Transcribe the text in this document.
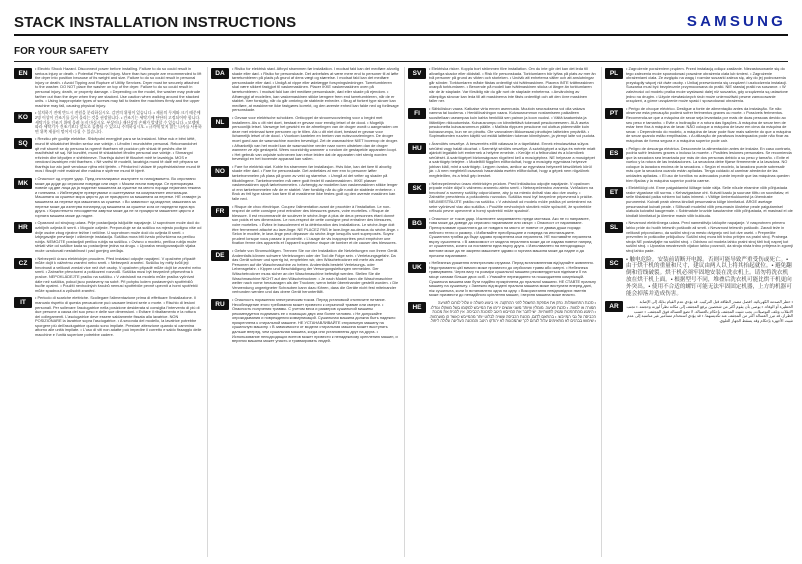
STACK INSTALLATION INSTRUCTIONS	SAMSUNG
FOR YOUR SAFETY
EN
• Electric Shock Hazard. Disconnect power before installing. Failure to do so could result in serious injury or death. • Potential Personal Injury. More than two people are recommended to lift the dryer into position because of its weight and size. Failure to do so could result in personal injury or death. • Avoid Tipping and Rupture of Utility Services. Dryer must be securely attached to the washer. DO NOT place the washer on top of the dryer. Failure to do so could result in personal injury, death, or property damage. • Depending on the model, the washer may protrude farther out than the dryer when they are stacked. Use caution when walking around the stacked units. • Using inappropriate types of screws may fail to fasten the machines firmly and the upper machine may fall, causing physical injury.
KO
• 설치하기 전에 반드시 전원을 분리하십시오. 감전의 위험이 있습니다. • 제품의 무게와 크기 때문에 2명 이상이 건조기를 들어 올리는 것을 권장합니다. • 건조기는 세탁기에 단단히 고정되어야 합니다. 세탁기를 건조기 위에 올려 놓지 마십시오. 부상이나 재산상의 손해가 발생할 수 있습니다. • 모델에 따라 세탁기가 건조기보다 앞으로 돌출될 수 있으니 주의하십시오. • 규격에 맞지 않는 나사를 사용하면 위쪽 제품이 떨어져 다칠 수 있습니다.
SQ
• Rreziku për goditje elektrike. Shkëputni energjinë para se ta instaloni. Nëse nuk e bëni këtë, mund të shkaktohet lëndim serioz ose vdekje. • Lëndim i mundshëm personal. Rekomandohet që më shumë se dy persona ta ngrenë tharësen në pozicion për shkak të peshës dhe të madhësisë së saj. Në kundërt, mund të shkaktohet lëndim personal ose vdekje. • Shmangni rrëzimin dhe këputjen e shërbimeve. Tharësja duhet të fiksohet mirë te lavatriçja. MOS e vendosni lavatriçen mbi tharësen. • Në varësi të modelit, lavatriçja mund të dalë më përpara se tharësja kur ato janë vendosur njëra mbi tjetrën. • Përdorimi i vidave të papërshtatshme mund të mos i fiksojë mirë makinat dhe makina e sipërme mund të bjerë.
MK
• Опасност од струен удар. Пред инсталирање исклучете го напојувањето. Во спротивно може да дојде до сериозни повреди или смрт. • Можни лични повреди. Се препорачува повеќе од две лица да ја подигнат машината за сушење на место поради нејзината тежина и големина. • Избегнувајте превртување и оштетување на комуналните инсталации. Машината за сушење мора цврсто да се прицврсти за машината за перење. НЕ ставајте ја машината за перење врз машината за сушење. • Во зависност од моделот, машината за перење може да излегува понапред од машината за сушење кога се наредени една врз друга. • Користењето несоодветни завртки може да не ги прицврсти машините цврсто и горната машина може да падне.
HR
• Opasnost od strujnog udara. Prije postavljanja isključite napajanje. U suprotnom može doći do ozbiljnih ozljeda ili smrti. • Moguće ozljede. Preporučuje se da sušilicu na mjesto podignu više od dvije osobe zbog njezine težine i veličine. U suprotnom može doći do ozljeda ili smrti. • Izbjegavajte prevrtanje i oštećenje instalacija. Sušilica mora biti čvrsto pričvršćena na perilicu rublja. NEMOJTE postavljati perilicu rublja na sušilicu. • Ovisno o modelu, perilica rublja može stršati više od sušilice kada su postavljene jedna na drugu. • Uporaba neodgovarajućih vijaka može uzrokovati nestabilnost i pad gornjeg uređaja.
CZ
• Nebezpečí úrazu elektrickým proudem. Před instalací odpojte napájení. V opačném případě může dojít k vážnému zranění nebo smrti. • Nebezpečí zranění. Sušičku by měly kvůli její hmotnosti a velikosti zvedat více než dvě osoby. V opačném případě může dojít ke zranění nebo smrti. • Zabraňte převrácení a poškození rozvodů. Sušička musí být bezpečně připevněna k pračce. NEPOKLÁDEJTE pračku na sušičku. • V závislosti na modelu může pračka vyčnívat dále než sušička, pokud jsou postaveny na sobě. Při pohybu kolem postavených spotřebičů buďte opatrní. • Použití nevhodných šroubů nemusí spotřebiče pevně upevnit a horní spotřebič může spadnout a způsobit zranění.
IT
• Pericolo di scariche elettriche. Scollegare l'alimentazione prima di effettuare l'installazione. Il mancato rispetto di questa precauzione può causare lesioni serie o morte. • Rischio di lesioni personali. Per sollevare l'asciugatrice nella posizione desiderata si consiglia l'intervento di più di due persone a causa del suo peso e delle sue dimensioni. • Evitare il ribaltamento e la rottura dei collegamenti. L'asciugatrice deve essere saldamente fissata alla lavatrice. NON POSIZIONARE la lavatrice sopra l'asciugatrice. • A seconda del modello, la lavatrice potrebbe sporgere più dell'asciugatrice quando sono impilate. Prestare attenzione quando si cammina attorno alle unità impilate. • L'uso di viti non adatte può impedire il corretto e saldo fissaggio delle macchine e l'unità superiore potrebbe cadere.
DA
• Risiko for elektrisk stød. Afbryd strømmen før installation. I modsat fald kan det medføre alvorlig skade eller død. • Risiko for personskade. Det anbefales at være mere end to personer til at løfte tørretumbleren på plads på grund af dens vægt og størrelse. I modsat fald kan det medføre personskade eller død. • Undgå at vippe eller ødelægge forsyningsledninger. Tørretumbleren skal være sikkert fastgjort til vaskemaskinen. Placer IKKE vaskemaskinen oven på tørretumbleren. I modsat fald kan det medføre personskade, død eller skade på ejendom. • Afhængigt af modellen, kan vaskemaskinen stikke længere frem end tørretumbleren, når de er stablet. Vær forsigtig, når du går omkring de stablede enheder. • Brug af forkert type skruer kan medføre, at maskinerne ikke fastgøres korrekt, og den øverste enhed kan falde ned og forårsage personskade.
NL
• Gevaar voor elektrische schokken. Ontkoppel de stroomvoorziening voor u begint met installeren. Als u dit niet doet, bestaat er gevaar voor ernstig letsel of de dood. • Mogelijk persoonlijk letsel. Vanwege het gewicht en de afmetingen van de droger wordt u aangeraden om deze met minimaal twee personen op te tillen. Als u dit niet doet, bestaat er gevaar voor lichamelijk letsel of de dood. • Voorkom kantelen en breken van nutsvoorzieningen. De droger moet goed aan de wasmachine worden bevestigd. Zet de wasmachine NIET bovenop de droger. • Afhankelijk van het model kan de wasmachine verder naar voren uitsteken dan de droger wanneer ze zijn gestapeld. Wees voorzichtig wanneer u rondom de gestapelde apparaten loopt. • Het gebruik van onjuiste schroeven kan ertoe leiden dat de apparaten niet stevig worden bevestigd en het bovenste apparaat kan vallen.
NO
• Fare for elektrisk støt. Koble fra strømmen før installasjon. Hvis ikke, kan det føre til alvorlig skade eller død. • Fare for personskade. Det anbefales at mer enn to personer løfter tørketrommelen på plass på grunn av vekt og størrelse. • Unngå at det velter og skader på tilkoblingene. Tørketrommelen må være godt festet til vaskemaskinen. IKKE plasser vaskemaskinen oppå tørketrommelen. • Avhengig av modellen kan vaskemaskinen stikke lenger ut enn tørketrommelen når de er stablet. Vær forsiktig når du går rundt de stablede enhetene. • Bruk av feil type skruer kan føre til at maskinene ikke festes godt og den øverste maskinen kan falle ned.
FR
• Risque de choc électrique. Coupez l'alimentation avant de procéder à l'installation. Le non-respect de cette consigne peut entraîner des blessures graves, voire mortelles. • Risque de blessure. Il est recommandé de soulever le sèche-linge à plus de deux personnes étant donné son poids et ses dimensions. Le non-respect de cette consigne peut entraîner des blessures, voire mortelles. • Évitez le basculement et la détérioration des installations. Le sèche-linge doit être fermement attaché au lave-linge. NE PLACEZ PAS le lave-linge au-dessus du sèche-linge. • Selon le modèle, le lave-linge peut dépasser du sèche-linge lorsqu'ils sont superposés. Soyez prudent lorsque vous passez à proximité. • L'usage de vis inappropriées peut empêcher une fixation ferme des appareils et l'appareil supérieur risque de tomber et de causer des blessures.
DE
• Gefahr von Stromschlägen. Trennen Sie vor der Installation die Netzleitungen von Ihrem Gerät. Andernfalls können schwere Verletzungen oder der Tod die Folge sein. • Verletzungsgefahr. Da das Gerät schwer und sperrig ist, empfehlen wir, den Wäschetrockner mit mehr als zwei Personen auf die Waschmaschine zu heben. Andernfalls besteht Verletzungs- oder Lebensgefahr. • Kippen und Beschädigung der Versorgungsleitungen vermeiden. Der Wäschetrockner muss sicher an der Waschmaschine befestigt werden. Stellen Sie die Waschmaschine NICHT auf den Wäschetrockner. • Je nach Modell kann die Waschmaschine weiter nach vorne herausragen als der Trockner, wenn beide übereinander gestellt wurden. • Die Verwendung ungeeigneter Schrauben kann dazu führen, dass die Geräte nicht fest miteinander verbunden werden und das obere Gerät herunterfällt.
RU
• Опасность поражения электрическим током. Перед установкой отключите питание. Несоблюдение этого требования может привести к серьезной травме или смерти. • Опасность получения травмы. С учетом веса и размеров сушильной машины рекомендуется поднимать ее с помощью двух или более человек. • Не допускайте опрокидывания и повреждения коммуникаций. Сушильная машина должна быть надежно прикреплена к стиральной машине. НЕ УСТАНАВЛИВАЙТЕ стиральную машину на сушильную машину. • В зависимости от модели стиральная машина может выступать дальше вперед, чем сушильная машина, когда они установлены друг на друга. • Использование неподходящих винтов может привести к ненадежному креплению машин, и верхняя машина может упасть и травмировать людей.
SV
• Elektriska risker. Koppla bort strömmen före installation. Om du inte gör det kan det leda till allvarliga skador eller dödsfall. • Risk för personskada. Torktumlaren bör lyftas på plats av mer än två personer på grund av vikten och storleken. • Undvik att enheterna välter och att anslutningar går sönder. Torktumlaren måste fästas ordentligt vid tvättmaskinen. Placera INTE tvättmaskinen ovanpå torktumlaren. • Beroende på modell kan tvättmaskinen sticka ut längre än torktumlaren när de är staplade. Var försiktig när du går runt de staplade enheterna. • Användning av olämpliga skruvar kan leda till att maskinerna inte fästs ordentligt och att den övre maskinen faller ner.
FI
• Sähköiskun vaara. Katkaise virta ennen asennusta. Muutoin seurauksena voi olla vakava vamma tai kuolema. • Henkilövahingon vaara. Kuivausrummun nostamiseen paikalleen suositellaan useampaa kuin kahta henkilöä sen painon ja koon vuoksi. • Vältä kaatumista ja liitäntöjen rikkoutumista. Kuivausrumpu on kiinnitettävä tukevasti pesukoneeseen. ÄLÄ aseta pesukonetta kuivausrummun päälle. • Mallista riippuen pesukone voi ulottua pidemmälle kuin kuivausrumpu, kun ne on pinottu. Ole varovainen liikkuessasi pinottujen laitteiden ympärillä. • Sopimattomien ruuvien käyttö voi estää laitteiden tukevan kiinnityksen, ja ylempi laite voi pudota.
HU
• Áramütés veszélye. A beszerelés előtt válassza le a tápellátást. Ennek elmulasztása súlyos sérülést vagy halált okozhat. • Személyi sérülés veszélye. A szárítógépet a súlya és mérete miatt ajánlott legalább két embernek a helyére emelnie. • Kerülje el a felborulást és a közművek sérülését. A szárítógépet biztonságosan rögzíteni kell a mosógéphez. NE helyezze a mosógépet a szárítógép tetejére. • Modelltől függően előfordulhat, hogy a mosógép egymásra helyezve jobban kiáll, mint a szárítógép. Legyen óvatos, amikor az egymásra helyezett készülékek körül jár. • A nem megfelelő csavarok használata esetén előfordulhat, hogy a gépek nem rögzülnek megfelelően, és a felső gép leeshet.
SK
• Nebezpečenstvo úrazu elektrickým prúdom. Pred inštaláciou odpojte napájanie. V opačnom prípade môže dôjsť k vážnemu zraneniu alebo smrti. • Nebezpečenstvo zranenia. Vzhľadom na hmotnosť a rozmery sušičky odporúčame, aby ju na miesto dvíhali viac ako dve osoby. • Zabráňte prevráteniu a poškodeniu rozvodov. Sušička musí byť bezpečne pripevnená k práčke. NEUMIESTŇUJTE práčku na sušičku. • V závislosti od modelu môže práčka pri umiestnení na sebe vyčnievať viac ako sušička. • Použitie nevhodných skrutiek môže spôsobiť, že spotrebiče nebudú pevne upevnené a horný spotrebič môže spadnúť.
BG
• Опасност от токов удар. Изключете захранването преди монтажа. Ако не го направите, това може да доведе до сериозно нараняване или смърт. • Опасност от нараняване. Препоръчваме сушилнята да се повдига на място от повече от двама души поради нейното тегло и размер. • Избягвайте преобръщане и повреда на инсталациите. Сушилнята трябва да бъде здраво прикрепена към пералнята. НЕ поставяйте пералнята върху сушилнята. • В зависимост от модела пералнята може да се издава повече напред от сушилнята, когато са поставени една върху друга. • Използването на неподходящи винтове може да не закрепи машините здраво и горната машина може да падне и да причини нараняване.
UK
• Небезпека ураження електричним струмом. Перед встановленням від'єднайте живлення. Недотримання цієї вимоги може призвести до серйозних травм або смерті. • Небезпека травмування. Через вагу та розміри сушильної машини рекомендується піднімати її на місце силами більше двох осіб. • Уникайте перекидання та пошкодження комунікацій. Сушильна машина має бути надійно прикріплена до пральної машини. НЕ СТАВТЕ пральну машину на сушильну. • Залежно від моделі пральна машина може виступати вперед далі, ніж сушильна, коли їх встановлено одна на одну. • Використання невідповідних гвинтів може призвести до ненадійного кріплення машин, і верхня машина може впасти.
HE
• סכנת התחשמלות. נתק את אספקת החשמל לפני ההתקנה. אי ביצוע פעולה זו עלול לגרום לפציעה חמורה או למוות. • סכנת פציעה. מומלץ שיותר משני אנשים ירימו את המייבש למקומו בשל משקלו וגודלו. • הימנע מהתהפכות ומנזק לתשתיות. יש לחבר את המייבש היטב למכונת הכביסה. אין להניח את מכונת הכביסה על גבי המייבש. • בהתאם לדגם, מכונת הכביסה עשויה לבלוט יותר מהמייבש כאשר הן מוערמות. • שימוש בברגים לא מתאימים עלול לגרום לכך שהמכונות לא יהודקו היטב והמכונה העליונה עלולה ליפול.
PL
• Zagrożenie porażeniem prądem. Przed instalacją odłącz zasilanie. Niezastosowanie się do tego zalecenia może spowodować poważne obrażenia ciała lub śmierć. • Zagrożenie obrażeniami ciała. Ze względu na wagę i rozmiar suszarki zaleca się, aby do jej podnoszenia przystąpiły więcej niż dwie osoby. • Unikaj przewrócenia się urządzeń i uszkodzenia instalacji. Suszarka musi być bezpiecznie przymocowana do pralki. NIE stawiaj pralki na suszarce. • W zależności od modelu pralka może wystawać dalej niż suszarka, gdy urządzenia są ustawione jedno na drugim. • Użycie niewłaściwych śrub może uniemożliwić pewne zamocowanie urządzeń, a górne urządzenie może spaść i spowodować obrażenia.
PT
• Perigo de choque eléctrico. Desligue a fonte de alimentação antes da instalação. Se não observar esta precaução poderá sofrer ferimentos graves ou morte. • Possíveis ferimentos. Recomenda-se que a máquina de secar seja levantada por mais de duas pessoas devido ao seu peso e tamanho. • Evite a inclinação e a rotura das ligações. A máquina de secar tem de estar bem fixa à máquina de lavar. NÃO coloque a máquina de lavar em cima da máquina de secar. • Dependendo do modelo, a máquina de lavar pode ficar mais saliente do que a máquina de secar quando estão empilhadas. • A utilização de parafusos inadequados pode não fixar as máquinas de forma segura e a máquina superior pode cair.
ES
• Peligro de descarga eléctrica. Desconecte la alimentación antes de instalar. En caso contrario, podría sufrir lesiones graves o incluso la muerte. • Posibles lesiones personales. Se recomienda que la secadora sea levantada por más de dos personas debido a su peso y tamaño. • Evite el vuelco y la rotura de las instalaciones. La secadora debe fijarse firmemente a la lavadora. NO coloque la lavadora encima de la secadora. • Según el modelo, la lavadora puede sobresalir más que la secadora cuando están apiladas. Tenga cuidado al caminar alrededor de las unidades apiladas. • El uso de tornillos no adecuados puede impedir que las máquinas queden bien fijadas y la máquina superior podría caerse.
ET
• Elektrilöögi oht. Enne paigaldamist lülitage toide välja. Selle nõude eiramine võib põhjustada raske vigastuse või surma. • Kehavigastuse oht. Kuivati kaalu ja suuruse tõttu on soovitatav, et selle tõstaksid paika rohkem kui kaks inimest. • Vältige ümberkukkumist ja ühenduste purunemist. Kuivati peab olema kindlalt pesumasina külge kinnitatud. ÄRGE asetage pesumasinat kuivati peale. • Sõltuvalt mudelist võib pesumasin üksteise peale paigutamisel ulatuda kuivatist kaugemale. • Sobimatute kruvide kasutamine võib põhjustada, et masinad ei ole kindlalt kinnitatud ja ülemine masin võib kukkuda.
SL
• Nevarnost električnega udara. Pred namestitvijo izklopite napajanje. V nasprotnem primeru lahko pride do hudih telesnih poškodb ali smrti. • Nevarnost telesnih poškodb. Zaradi teže in velikosti priporočamo, da sušilni stroj na mesto dvignejo več kot dve osebi. • Preprečite prevrnitev in poškodbe priključkov. Sušilni stroj mora biti trdno pritrjen na pralni stroj. Pralnega stroja NE postavljajte na sušilni stroj. • Odvisno od modela lahko pralni stroj štrli bolj naprej kot sušilni stroj. • Uporaba neustreznih vijakov lahko povzroči, da stroja nista trdno pritrjena in zgornji stroj lahko pade.
SC	• 触电危险。安装前请断开电源。否则可能导致严重受伤或死亡。• 由于烘干机的重量和尺寸，建议由两人以上将其抬起就位。• 避免翻倒和管线破裂。烘干机必须牢固地安装在洗衣机上。请勿将洗衣机放在烘干机上面。• 根据型号不同，堆叠后洗衣机可能比烘干机更向外突出。• 使用不合适的螺钉可能无法牢固固定机器，上方的机器可能会掉落并造成伤害。
AR
• خطر الصدمة الكهربائية. افصل مصدر الطاقة قبل التركيب. قد يؤدي عدم القيام بذلك إلى الإصابة الخطيرة أو الوفاة. • يوصى بأن يقوم أكثر من شخصين برفع المجفف إلى مكانه نظراً لوزنه وحجمه. • تجنب الانقلاب وتلف التوصيلات. يجب تثبيت المجفف بإحكام بالغسالة. لا تضع الغسالة فوق المجفف. • حسب الطراز، قد تبرز الغسالة أكثر من المجفف عند تكديسهما. • قد يؤدي استخدام مسامير غير مناسبة إلى عدم تثبيت الأجهزة بإحكام وقد يسقط الجهاز العلوي.
